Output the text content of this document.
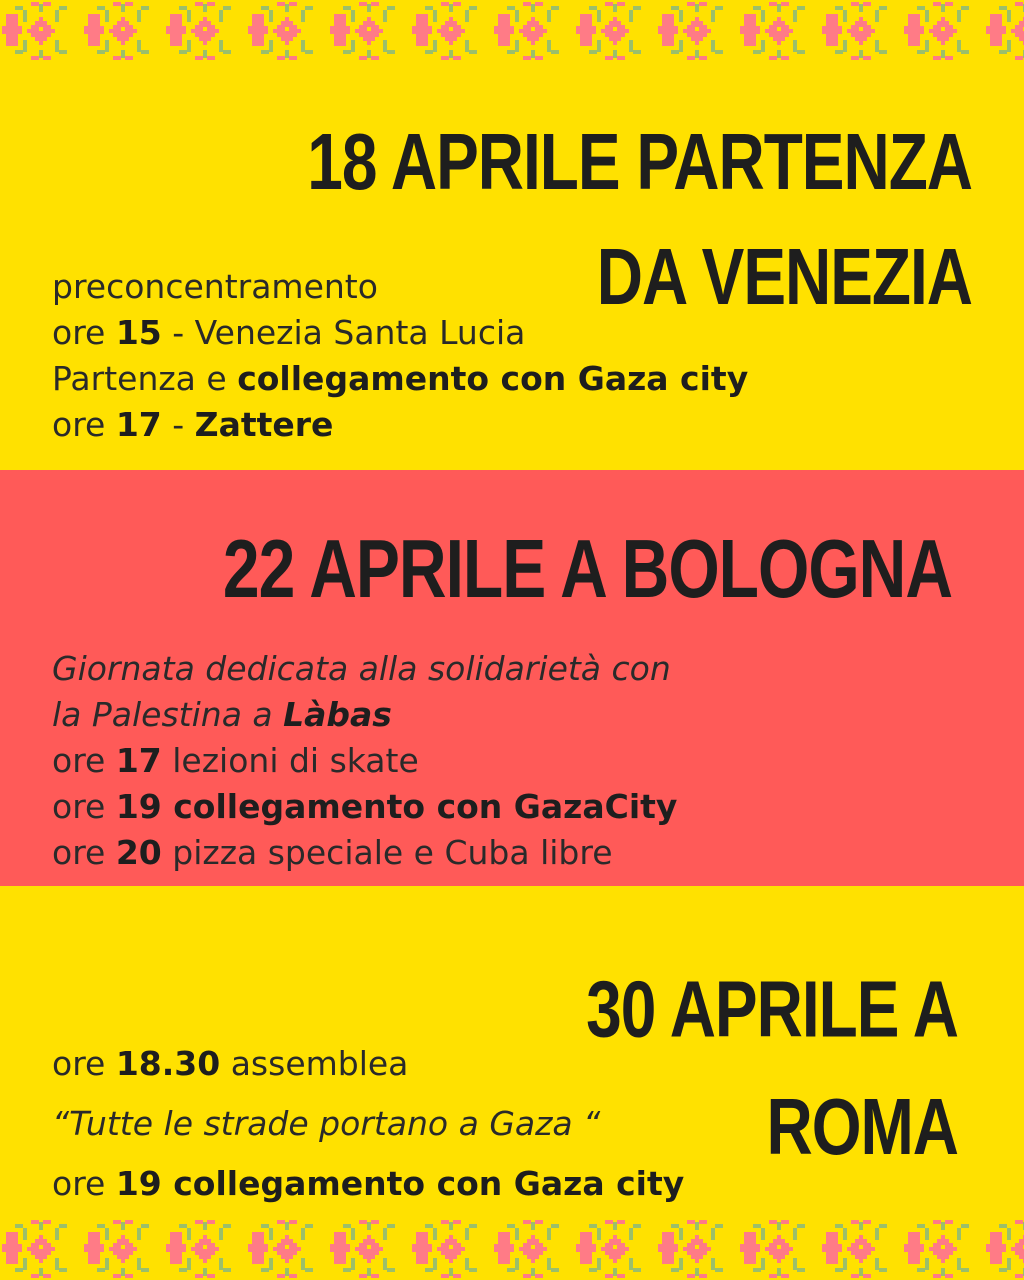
18 APRILE PARTENZA
DA VENEZIA
preconcentramento
ore 15 - Venezia Santa Lucia
Partenza e collegamento con Gaza city
ore 17 - Zattere
22 APRILE A BOLOGNA
Giornata dedicata alla solidarietà con
la Palestina a Làbas
ore 17 lezioni di skate
ore 19 collegamento con GazaCity
ore 20 pizza speciale e Cuba libre
30 APRILE A
ROMA
ore 18.30 assemblea
“Tutte le strade portano a Gaza “
ore 19 collegamento con Gaza city
